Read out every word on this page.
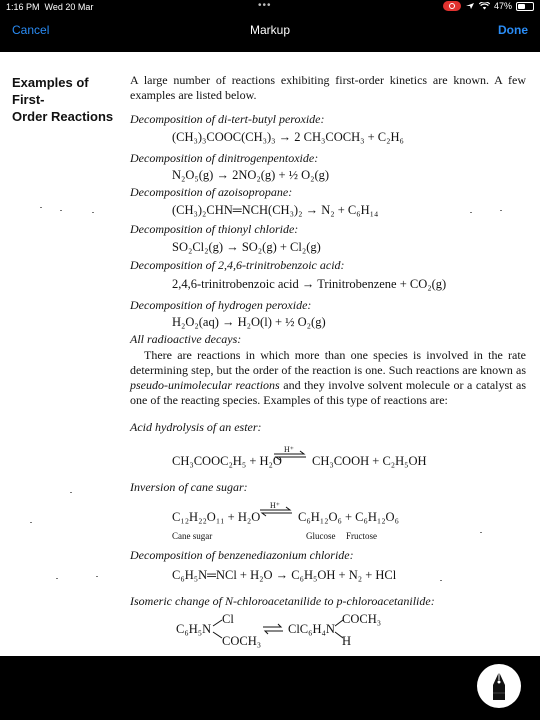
1:16 PM Wed 20 Mar	•••	47%
Cancel	Markup	Done
Examples of First-
Order Reactions
A large number of reactions exhibiting first-order kinetics are known. A few examples are listed below.
Decomposition of di-tert-butyl peroxide:
(CH₃)₃COOC(CH₃)₃ → 2 CH₃COCH₃ + C₂H₆
Decomposition of dinitrogenpentoxide:
N₂O₅(g) → 2NO₂(g) + ½ O₂(g)
Decomposition of azoisopropane:
(CH₃)₂CHN═NCH(CH₃)₂ → N₂ + C₆H₁₄
Decomposition of thionyl chloride:
SO₂Cl₂(g) → SO₂(g) + Cl₂(g)
Decomposition of 2,4,6-trinitrobenzoic acid:
2,4,6-trinitrobenzoic acid → Trinitrobenzene + CO₂(g)
Decomposition of hydrogen peroxide:
H₂O₂(aq) → H₂O(l) + ½ O₂(g)
All radioactive decays:
There are reactions in which more than one species is involved in the rate determining step, but the order of the reaction is one. Such reactions are known as pseudo-unimolecular reactions and they involve solvent molecule or a catalyst as one of the reacting species. Examples of this type of reactions are:
Acid hydrolysis of an ester:
CH₃COOC₂H₅ + H₂O
H⁺
CH₃COOH + C₂H₅OH
Inversion of cane sugar:
C₁₂H₂₂O₁₁ + H₂O
H⁺
C₆H₁₂O₆ + C₆H₁₂O₆
Cane sugar	Glucose Fructose
Decomposition of benzenediazonium chloride:
C₆H₅N═NCl + H₂O → C₆H₅OH + N₂ + HCl
Isomeric change of N-chloroacetanilide to p-chloroacetanilide:
C₆H₅N
Cl
COCH₃
ClC₆H₄N
COCH₃
H
